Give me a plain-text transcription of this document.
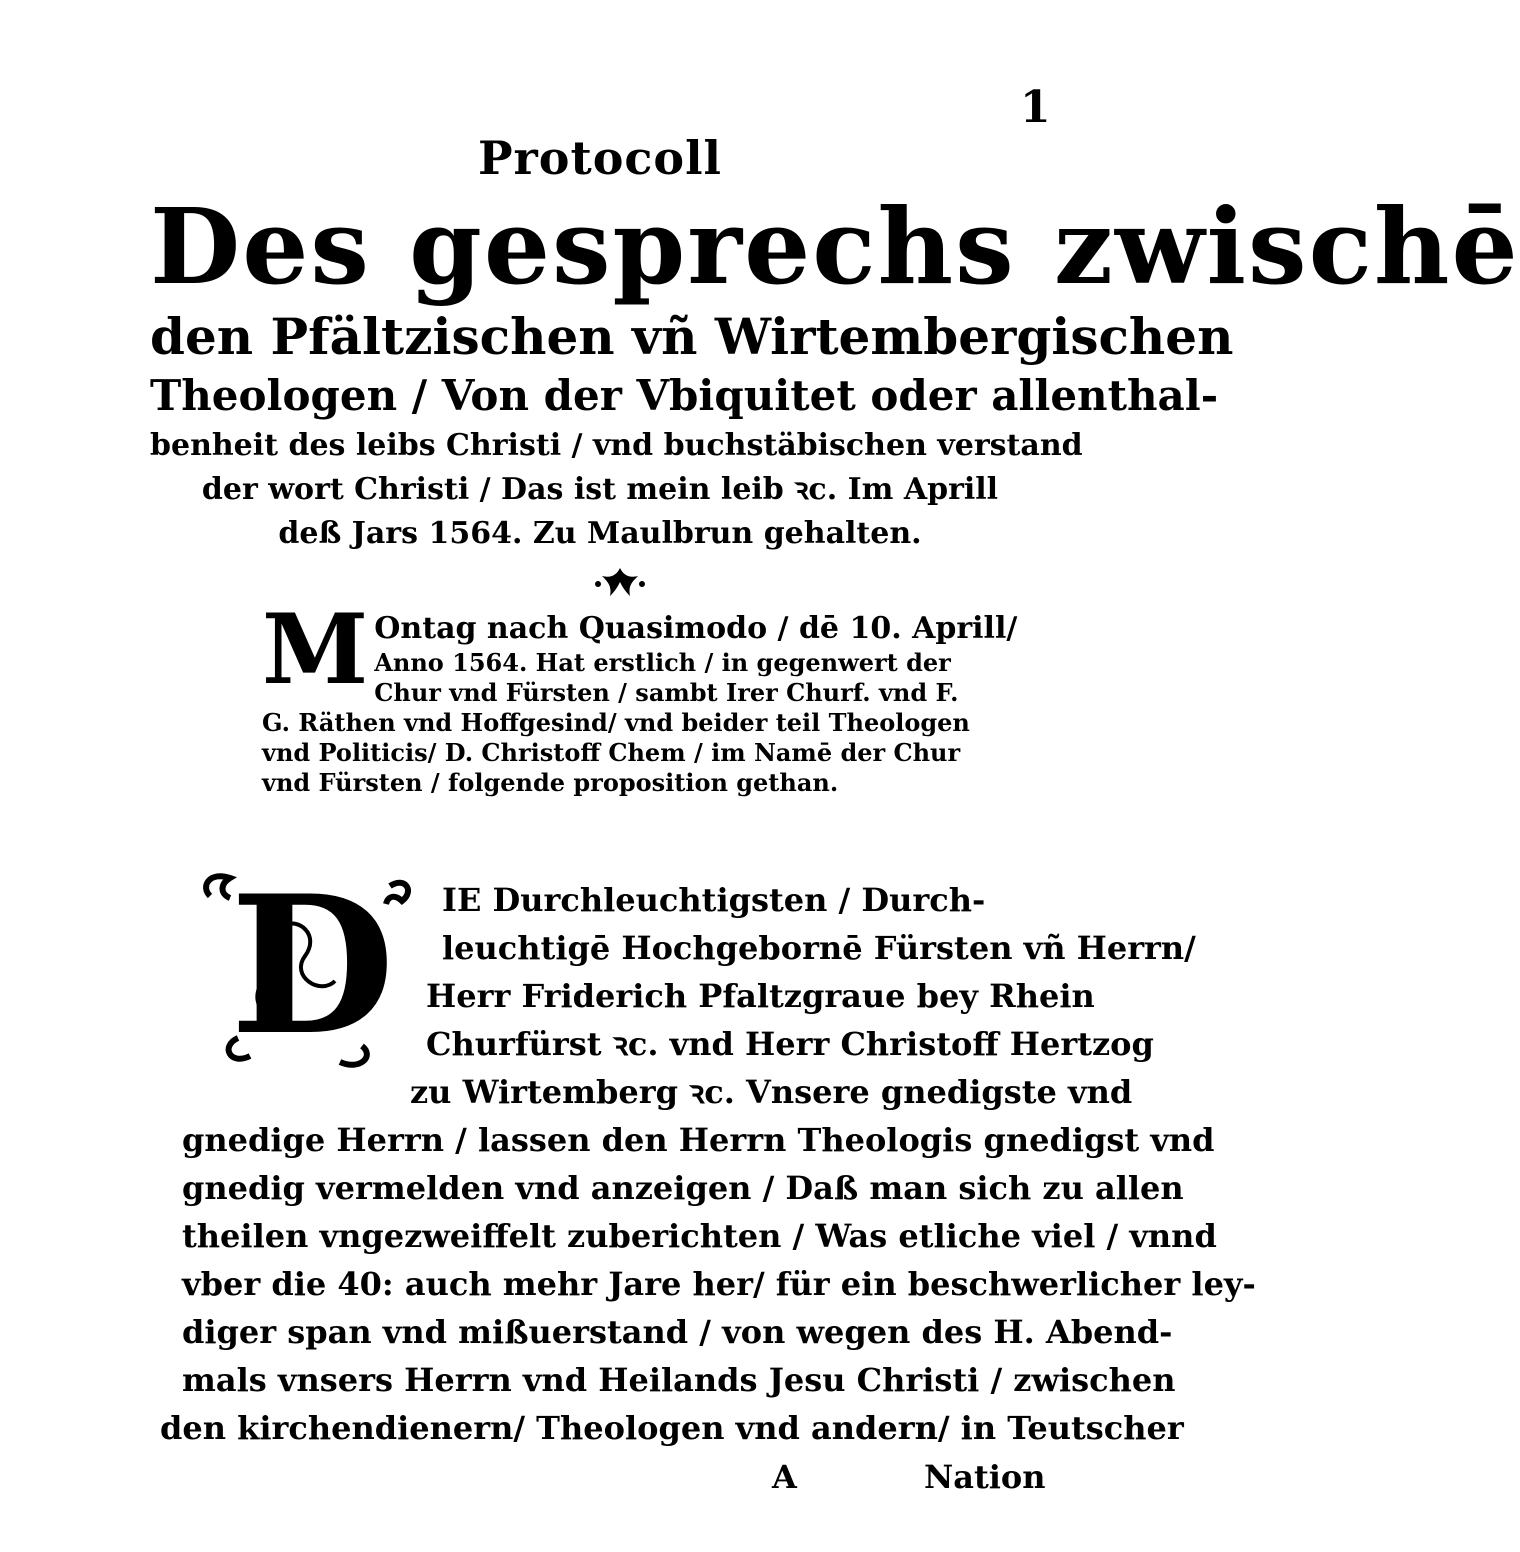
1
Protocoll
Des gesprechs zwischē
den Pfältzischen vñ Wirtembergischen
Theologen / Von der Vbiquitet oder allenthal-
benheit des leibs Christi / vnd buchstäbischen verstand
der wort Christi / Das ist mein leib ꝛc. Im Aprill
deß Jars 1564. Zu Maulbrun gehalten.
M Ontag nach Quasimodo / dē 10. Aprill/
Anno 1564. Hat erstlich / in gegenwert der
Chur vnd Fürsten / sambt Irer Churf. vnd F.
G. Räthen vnd Hoffgesind/ vnd beider teil Theologen
vnd Politicis/ D. Christoff Chem / im Namē der Chur
vnd Fürsten / folgende proposition gethan.
D IE Durchleuchtigsten / Durch-
leuchtigē Hochgebornē Fürsten vñ Herrn/
Herr Friderich Pfaltzgraue bey Rhein
Churfürst ꝛc. vnd Herr Christoff Hertzog
zu Wirtemberg ꝛc. Vnsere gnedigste vnd
gnedige Herrn / lassen den Herrn Theologis gnedigst vnd
gnedig vermelden vnd anzeigen / Daß man sich zu allen
theilen vngezweiffelt zuberichten / Was etliche viel / vnnd
vber die 40: auch mehr Jare her/ für ein beschwerlicher ley-
diger span vnd mißuerstand / von wegen des H. Abend-
mals vnsers Herrn vnd Heilands Jesu Christi / zwischen
den kirchendienern/ Theologen vnd andern/ in Teutscher
A	Nation
